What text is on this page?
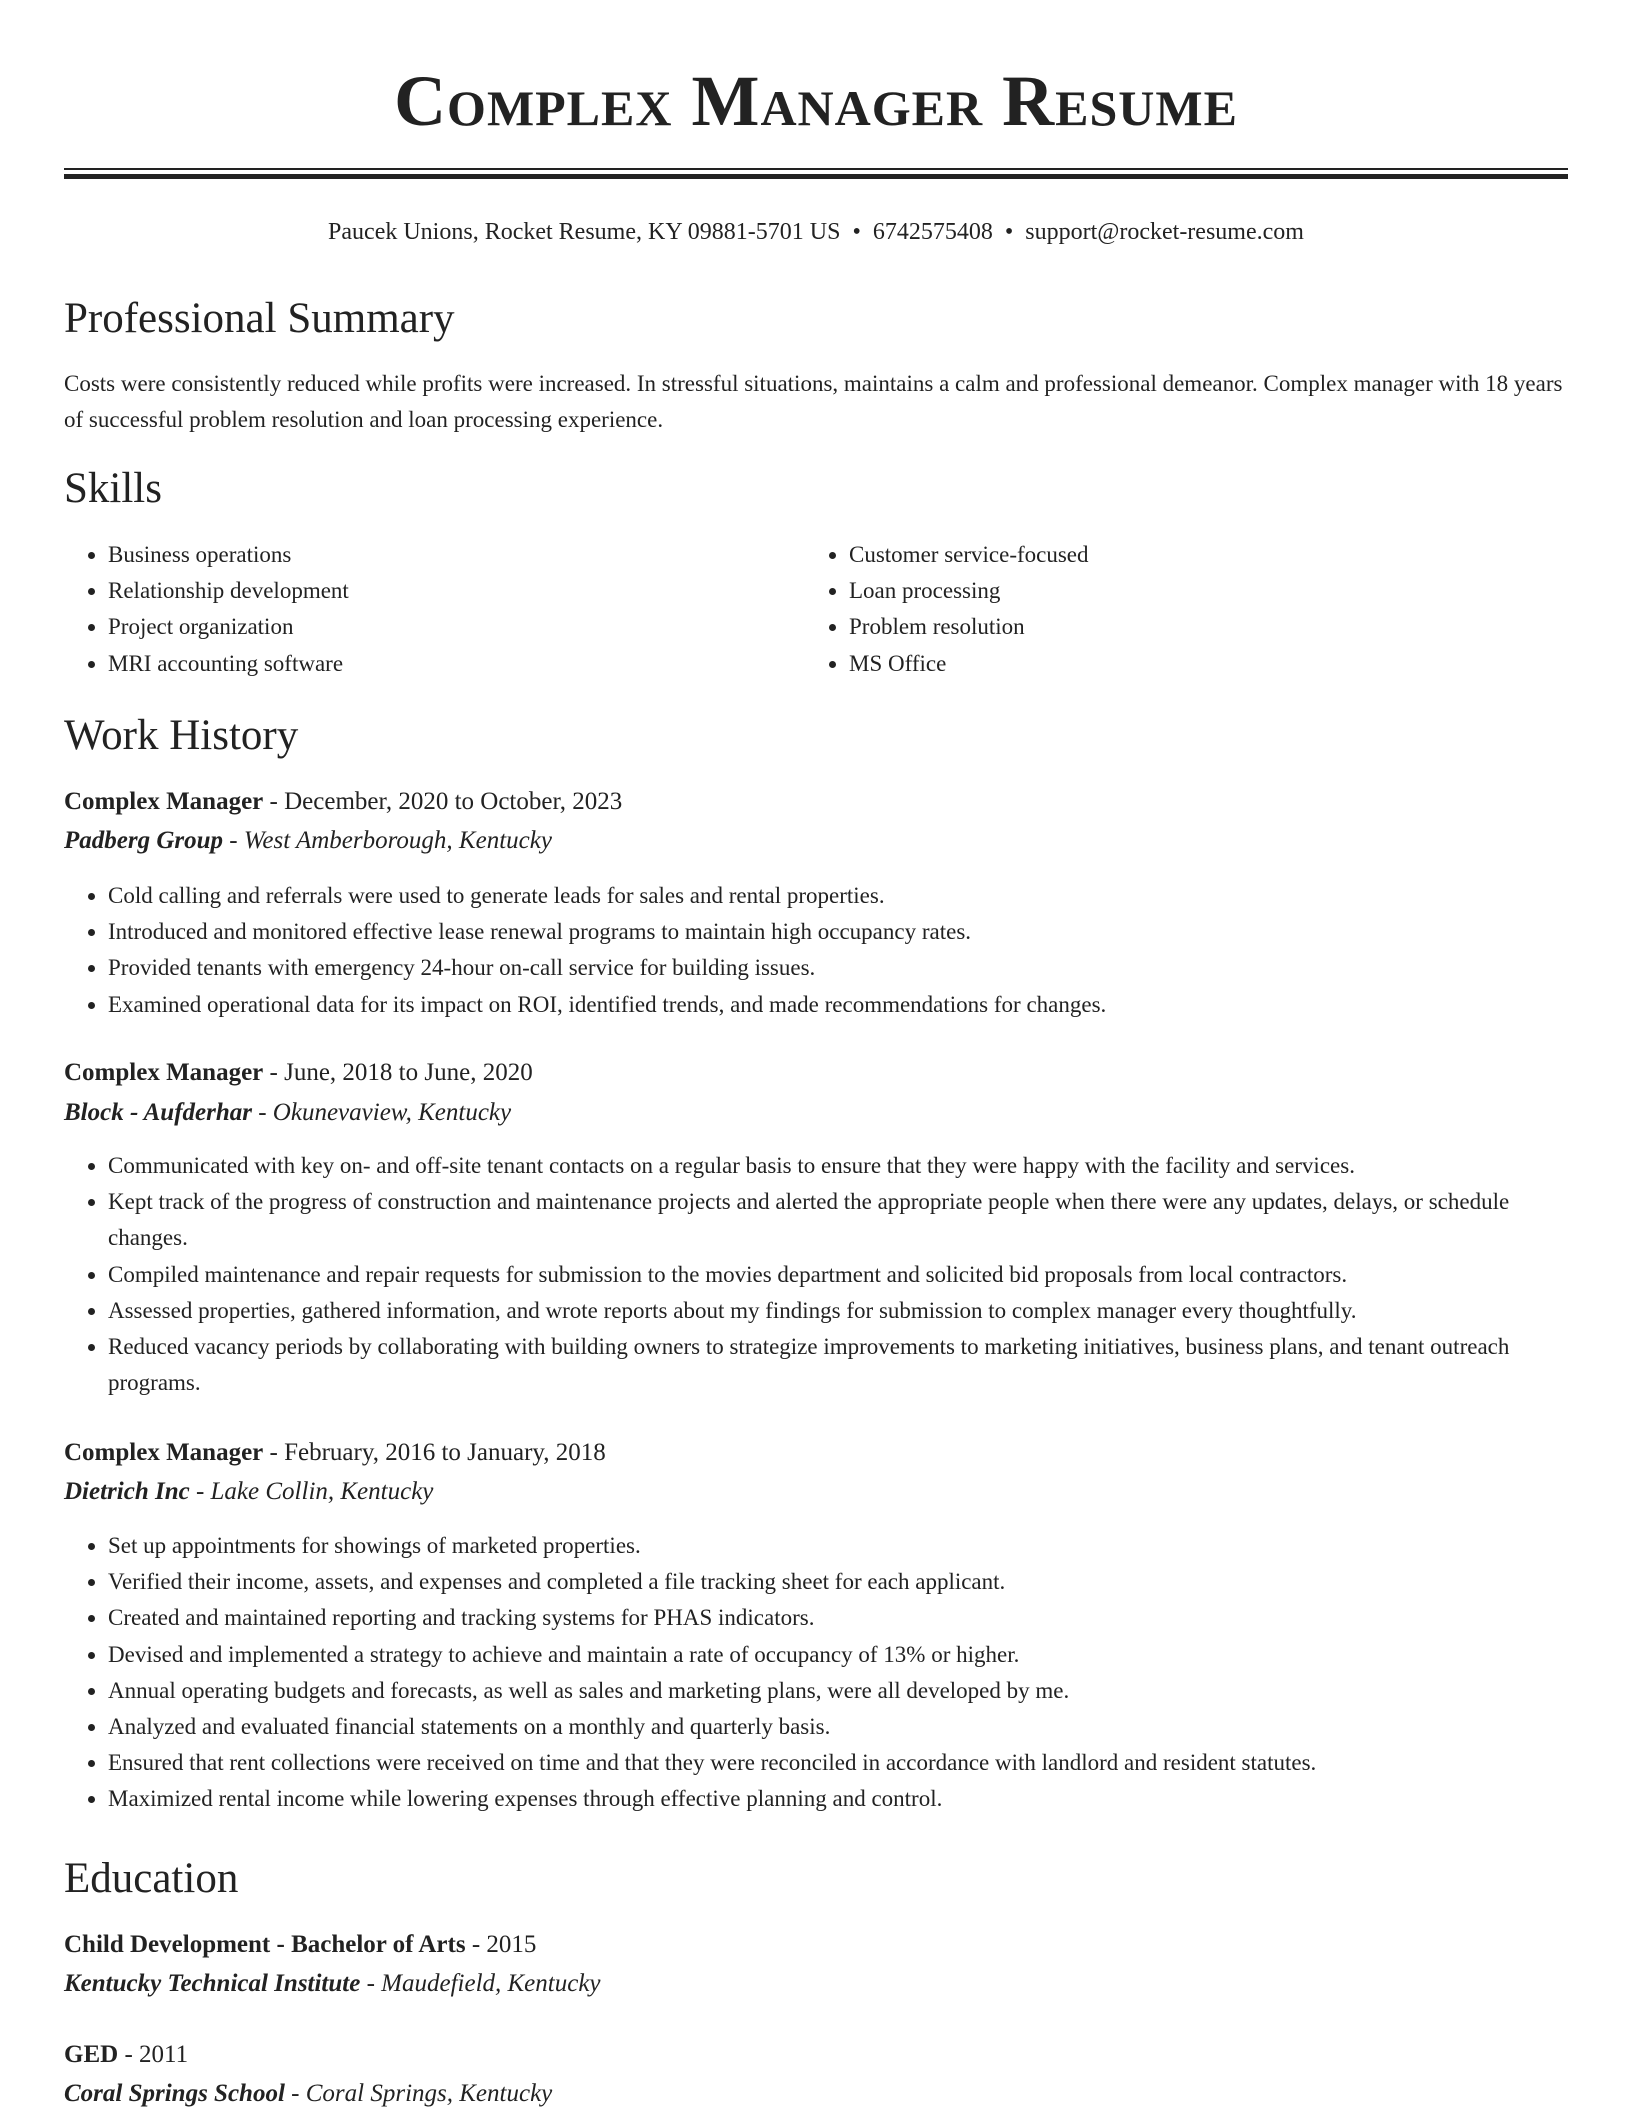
Complex Manager Resume
Paucek Unions, Rocket Resume, KY 09881-5701 US • 6742575408 • support@rocket-resume.com
Professional Summary

Costs were consistently reduced while profits were increased. In stressful situations, maintains a calm and professional demeanor. Complex manager with 18 years of successful problem resolution and loan processing experience.

Skills
• Business operations
• Relationship development
• Project organization
• MRI accounting software
• Customer service-focused
• Loan processing
• Problem resolution
• MS Office
Work History
Complex Manager - December, 2020 to October, 2023
Padberg Group - West Amberborough, Kentucky
• Cold calling and referrals were used to generate leads for sales and rental properties.
• Introduced and monitored effective lease renewal programs to maintain high occupancy rates.
• Provided tenants with emergency 24-hour on-call service for building issues.
• Examined operational data for its impact on ROI, identified trends, and made recommendations for changes.
Complex Manager - June, 2018 to June, 2020
Block - Aufderhar - Okunevaview, Kentucky
• Communicated with key on- and off-site tenant contacts on a regular basis to ensure that they were happy with the facility and services.
• Kept track of the progress of construction and maintenance projects and alerted the appropriate people when there were any updates, delays, or schedule changes.
• Compiled maintenance and repair requests for submission to the movies department and solicited bid proposals from local contractors.
• Assessed properties, gathered information, and wrote reports about my findings for submission to complex manager every thoughtfully.
• Reduced vacancy periods by collaborating with building owners to strategize improvements to marketing initiatives, business plans, and tenant outreach programs.
Complex Manager - February, 2016 to January, 2018
Dietrich Inc - Lake Collin, Kentucky
• Set up appointments for showings of marketed properties.
• Verified their income, assets, and expenses and completed a file tracking sheet for each applicant.
• Created and maintained reporting and tracking systems for PHAS indicators.
• Devised and implemented a strategy to achieve and maintain a rate of occupancy of 13% or higher.
• Annual operating budgets and forecasts, as well as sales and marketing plans, were all developed by me.
• Analyzed and evaluated financial statements on a monthly and quarterly basis.
• Ensured that rent collections were received on time and that they were reconciled in accordance with landlord and resident statutes.
• Maximized rental income while lowering expenses through effective planning and control.
Education
Child Development - Bachelor of Arts - 2015
Kentucky Technical Institute - Maudefield, Kentucky
GED - 2011
Coral Springs School - Coral Springs, Kentucky
